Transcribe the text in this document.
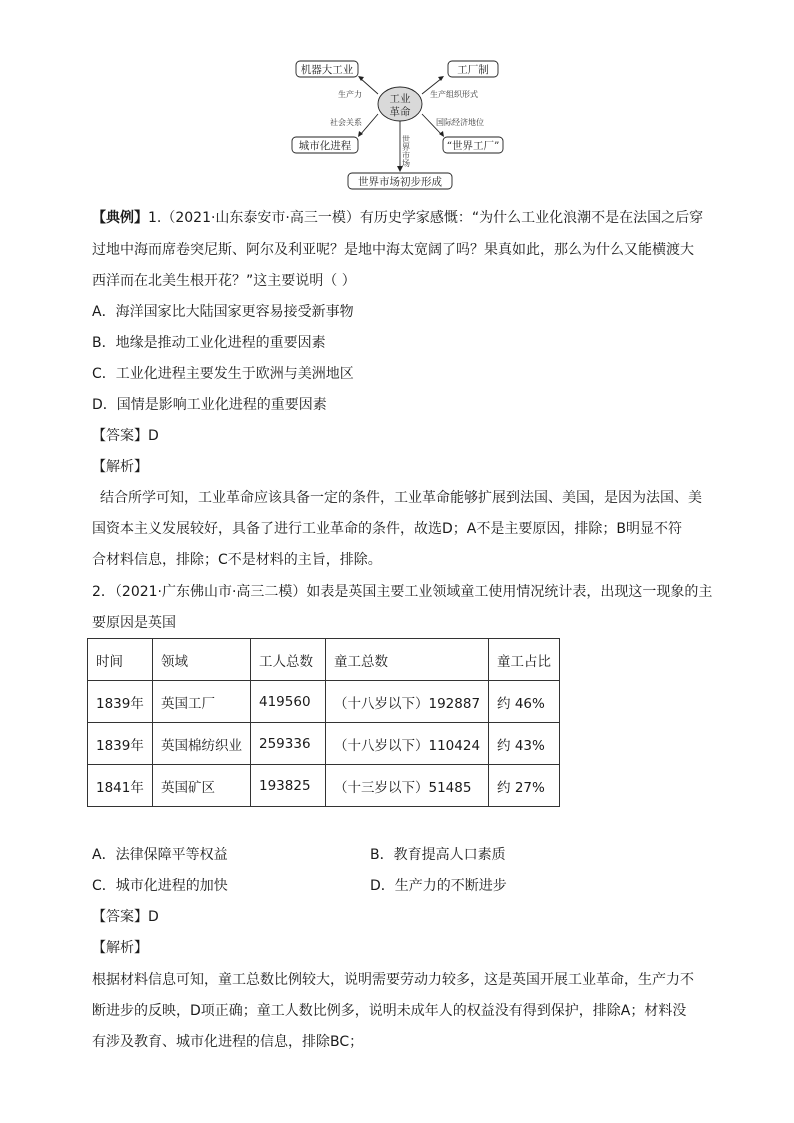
工业
革命
机器大工业	工厂制
城市化进程	“世界工厂”
世界市场初步形成
生产力	生产组织形式
社会关系	国际经济地位
世界市场
【典例】1.（2021·山东泰安市·高三一模）有历史学家感慨：“为什么工业化浪潮不是在法国之后穿
过地中海而席卷突尼斯、阿尔及利亚呢？是地中海太宽阔了吗？果真如此，那么为什么又能横渡大
西洋而在北美生根开花？”这主要说明（ ）
A．海洋国家比大陆国家更容易接受新事物
B．地缘是推动工业化进程的重要因素
C．工业化进程主要发生于欧洲与美洲地区
D．国情是影响工业化进程的重要因素
【答案】D
【解析】
结合所学可知，工业革命应该具备一定的条件，工业革命能够扩展到法国、美国，是因为法国、美
国资本主义发展较好，具备了进行工业革命的条件，故选D；A不是主要原因，排除；B明显不符
合材料信息，排除；C不是材料的主旨，排除。
2．（2021·广东佛山市·高三二模）如表是英国主要工业领域童工使用情况统计表，出现这一现象的主
要原因是英国
时间	领域	工人总数	童工总数	童工占比
1839年	英国工厂	419560	（十八岁以下）192887	约 46%
1839年	英国棉纺织业	259336	（十八岁以下）110424	约 43%
1841年	英国矿区	193825	（十三岁以下）51485	约 27%
A．法律保障平等权益	B．教育提高人口素质
C．城市化进程的加快	D．生产力的不断进步
【答案】D
【解析】
根据材料信息可知，童工总数比例较大，说明需要劳动力较多，这是英国开展工业革命，生产力不
断进步的反映，D项正确；童工人数比例多，说明未成年人的权益没有得到保护，排除A；材料没
有涉及教育、城市化进程的信息，排除BC；
